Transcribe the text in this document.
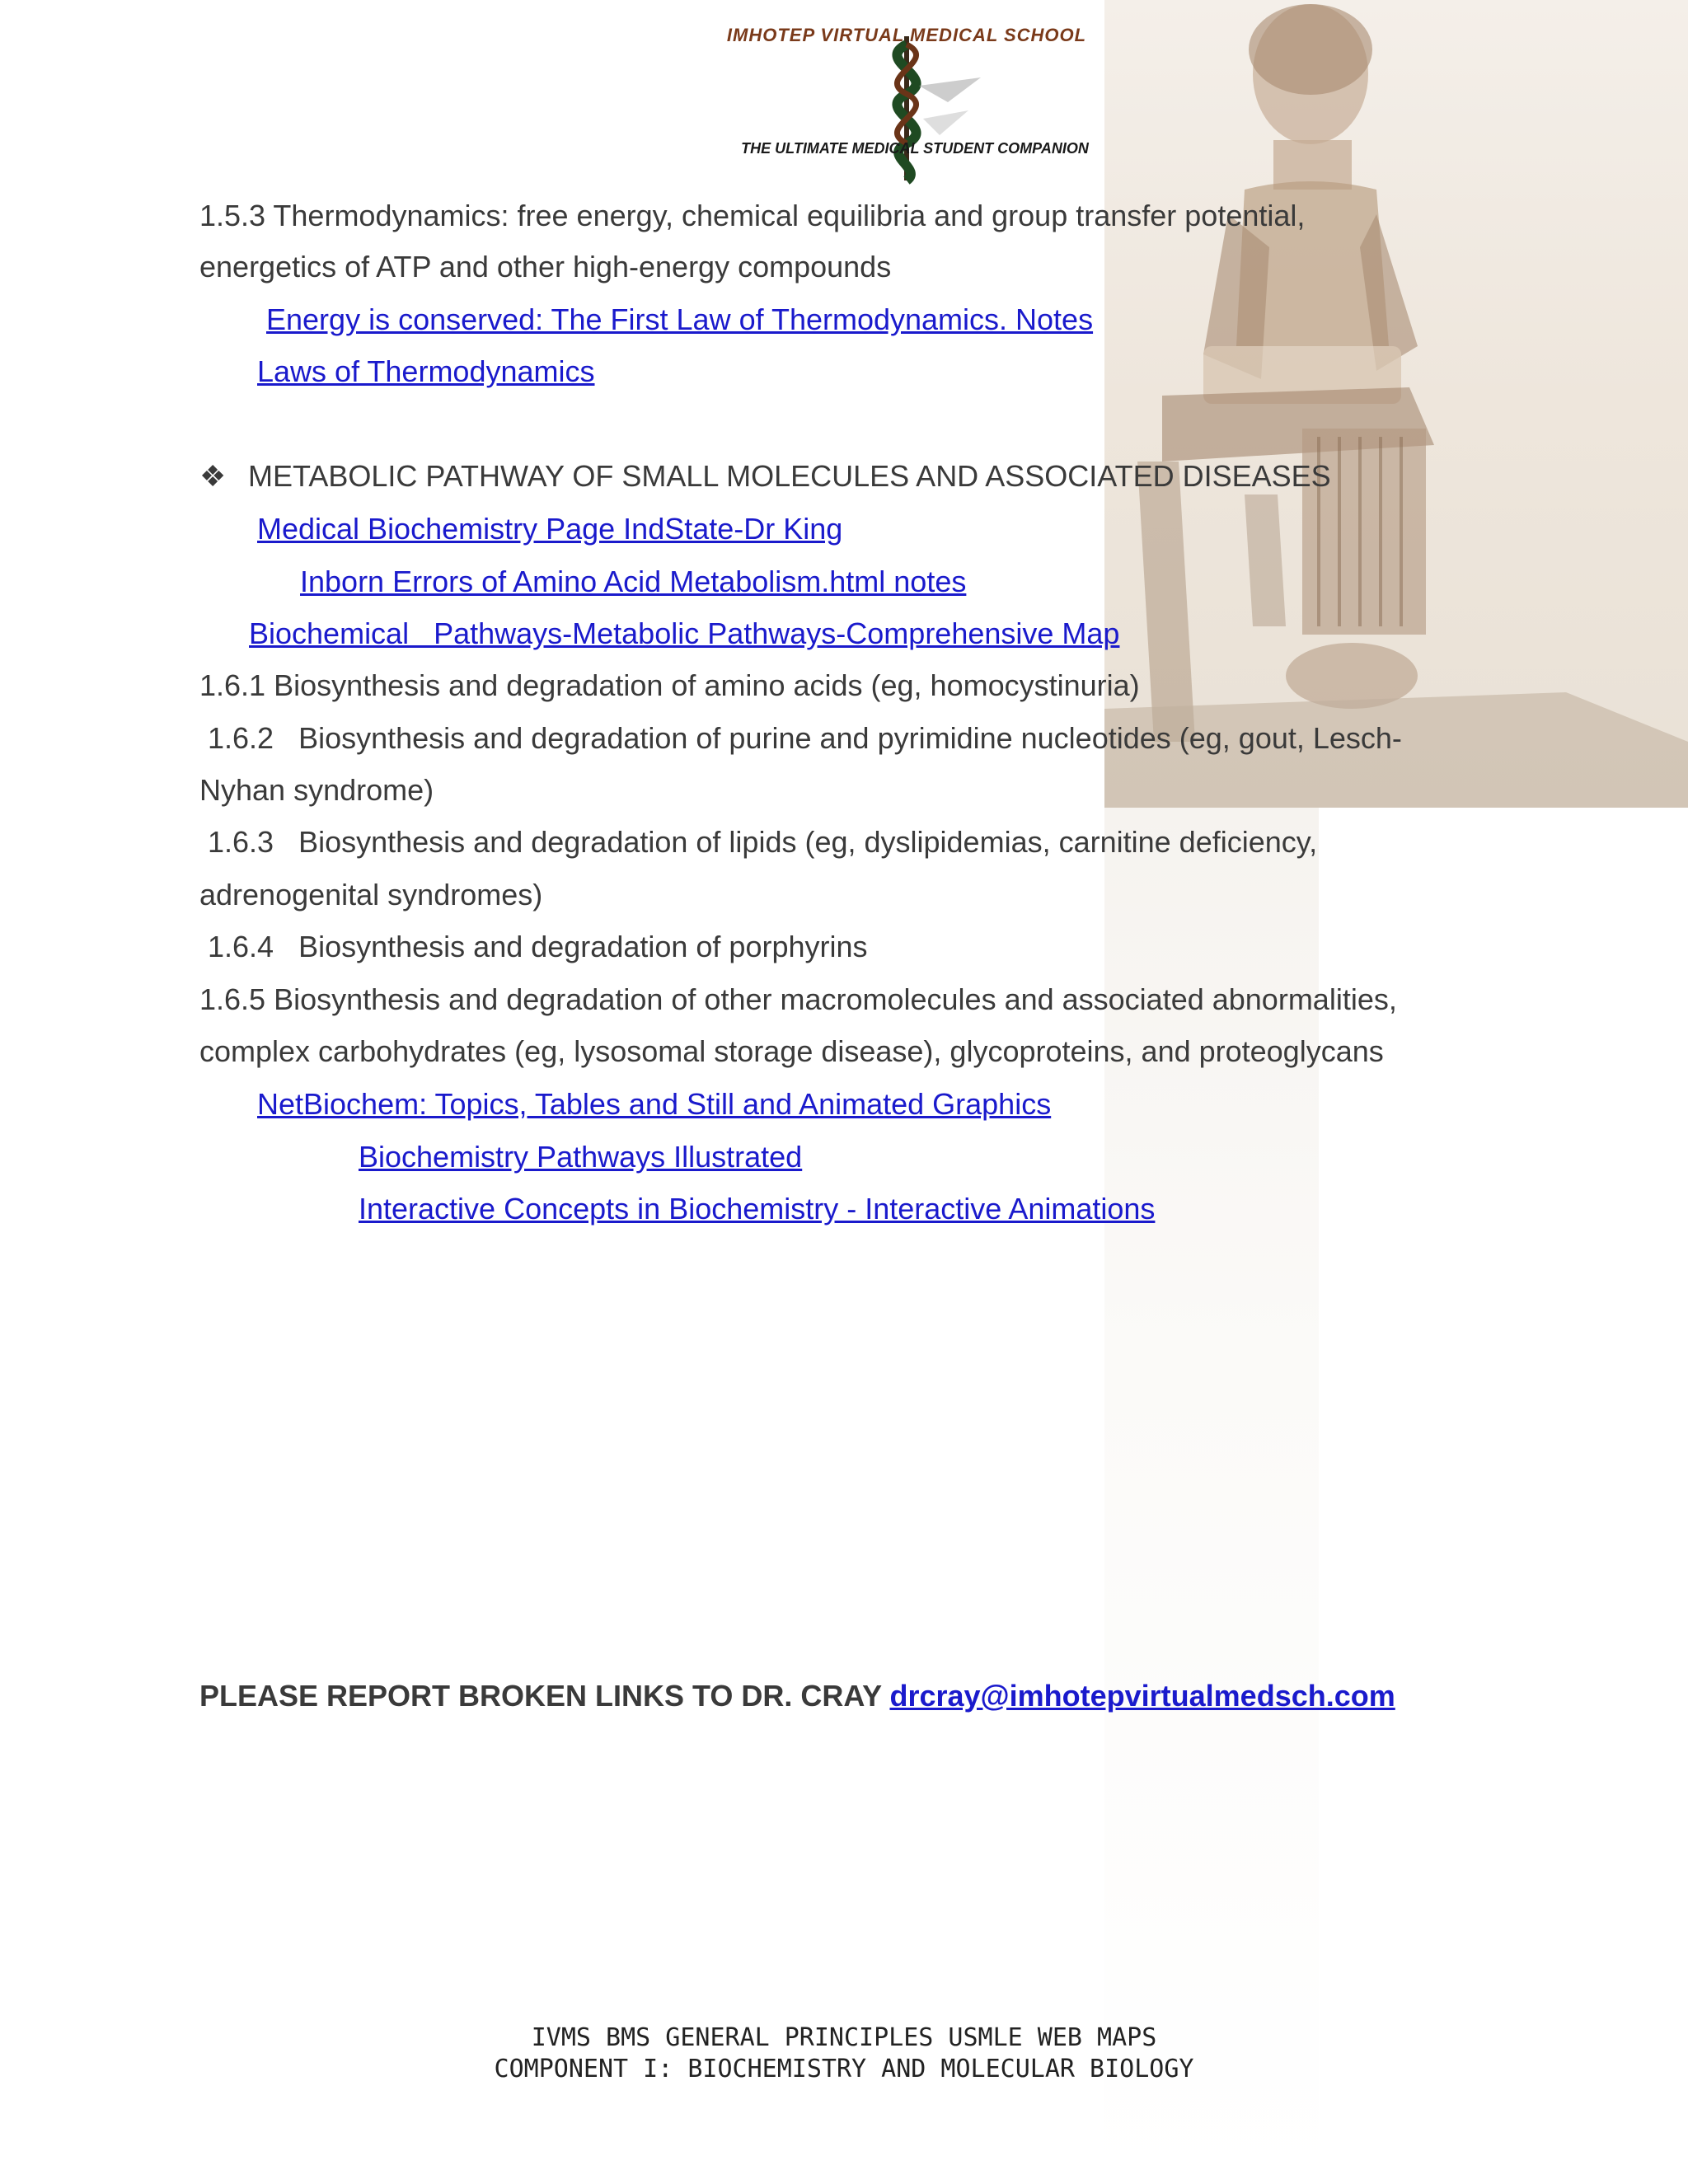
IMHOTEP VIRTUAL MEDICAL SCHOOL
THE ULTIMATE MEDICAL STUDENT COMPANION
1.5.3 Thermodynamics: free energy, chemical equilibria and group transfer potential,
energetics of ATP and other high-energy compounds
Energy is conserved: The First Law of Thermodynamics. Notes
Laws of Thermodynamics
❖ METABOLIC PATHWAY OF SMALL MOLECULES AND ASSOCIATED DISEASES
Medical Biochemistry Page IndState-Dr King
Inborn Errors of Amino Acid Metabolism.html notes
Biochemical   Pathways-Metabolic Pathways-Comprehensive Map
1.6.1 Biosynthesis and degradation of amino acids (eg, homocystinuria)
1.6.2   Biosynthesis and degradation of purine and pyrimidine nucleotides (eg, gout, Lesch-
Nyhan syndrome)
1.6.3   Biosynthesis and degradation of lipids (eg, dyslipidemias, carnitine deficiency,
adrenogenital syndromes)
1.6.4   Biosynthesis and degradation of porphyrins
1.6.5 Biosynthesis and degradation of other macromolecules and associated abnormalities,
complex carbohydrates (eg, lysosomal storage disease), glycoproteins, and proteoglycans
NetBiochem: Topics, Tables and Still and Animated Graphics
Biochemistry Pathways Illustrated
Interactive Concepts in Biochemistry - Interactive Animations
PLEASE REPORT BROKEN LINKS TO DR. CRAY drcray@imhotepvirtualmedsch.com
IVMS BMS GENERAL PRINCIPLES USMLE WEB MAPS
COMPONENT I: BIOCHEMISTRY AND MOLECULAR BIOLOGY
